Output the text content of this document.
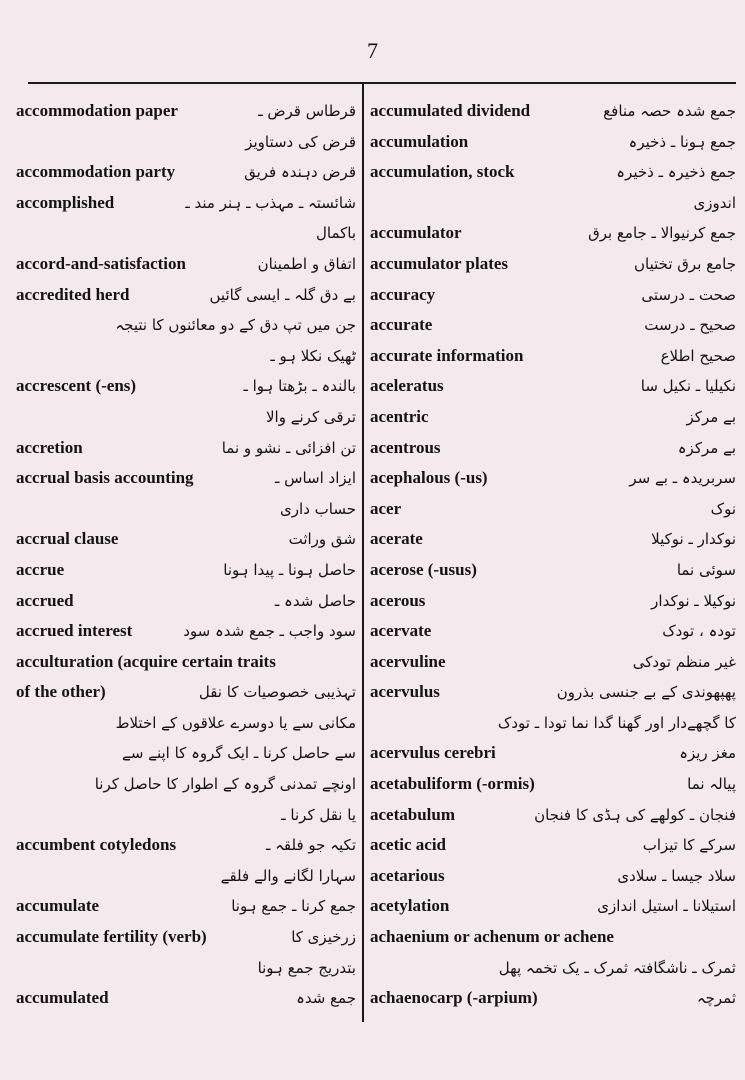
7
accommodation paper	قرطاس قرض ـ
قرض کی دستاویز
accommodation party	قرض دہندہ فریق
accomplished	شائستہ ـ مہذب ـ ہنر مند ـ
باکمال
accord-and-satisfaction	اتفاق و اطمینان
accredited herd	بے دق گلہ ـ ایسی گائیں
جن میں تپ دق کے دو معائنوں کا نتیجہ
ٹھیک نکلا ہو ـ
accrescent (-ens)	بالندہ ـ بڑھتا ہوا ـ
ترقی کرنے والا
accretion	تن افزائی ـ نشو و نما
accrual basis accounting	ایزاد اساس ـ
حساب داری
accrual clause	شق وراثت
accrue	حاصل ہونا ـ پیدا ہونا
accrued	حاصل شدہ ـ
accrued interest	سود واجب ـ جمع شدہ سود
acculturation (acquire certain traits
of the other)	تہذیبی خصوصیات کا نقل
مکانی سے یا دوسرے علاقوں کے اختلاط
سے حاصل کرنا ـ ایک گروہ کا اپنے سے
اونچے تمدنی گروہ کے اطوار کا حاصل کرنا
یا نقل کرنا ـ
accumbent cotyledons	تکیہ جو فلقہ ـ
سہارا لگانے والے فلقے
accumulate	جمع کرنا ـ جمع ہونا
accumulate fertility (verb)	زرخیزی کا
بتدریج جمع ہونا
accumulated	جمع شدہ
accumulated dividend	جمع شدہ حصہ منافع
accumulation	جمع ہونا ـ ذخیرہ
accumulation, stock	جمع ذخیرہ ـ ذخیرہ
اندوزی
accumulator	جمع کرنیوالا ـ جامع برق
accumulator plates	جامع برق تختیاں
accuracy	صحت ـ درستی
accurate	صحیح ـ درست
accurate information	صحیح اطلاع
aceleratus	نکیلیا ـ نکیل سا
acentric	بے مرکز
acentrous	بے مرکزہ
acephalous (-us)	سربریدہ ـ بے سر
acer	نوک
acerate	نوکدار ـ نوکیلا
acerose (-usus)	سوئی نما
acerous	نوکیلا ـ نوکدار
acervate	تودہ ، تودک
acervuline	غیر منظم تودکی
acervulus	پھپھوندی کے بے جنسی بذرون
کا گچھےدار اور گھنا گدا نما تودا ـ تودک
acervulus cerebri	مغز ریزہ
acetabuliform (-ormis)	پیالہ نما
acetabulum	فنجان ـ کولھے کی ہڈی کا فنجان
acetic acid	سرکے کا تیزاب
acetarious	سلاد جیسا ـ سلادی
acetylation	استیلانا ـ استیل اندازی
achaenium or achenum or achene
ثمرک ـ ناشگافتہ ثمرک ـ یک تخمہ پھل
achaenocarp (-arpium)	ثمرچہ
